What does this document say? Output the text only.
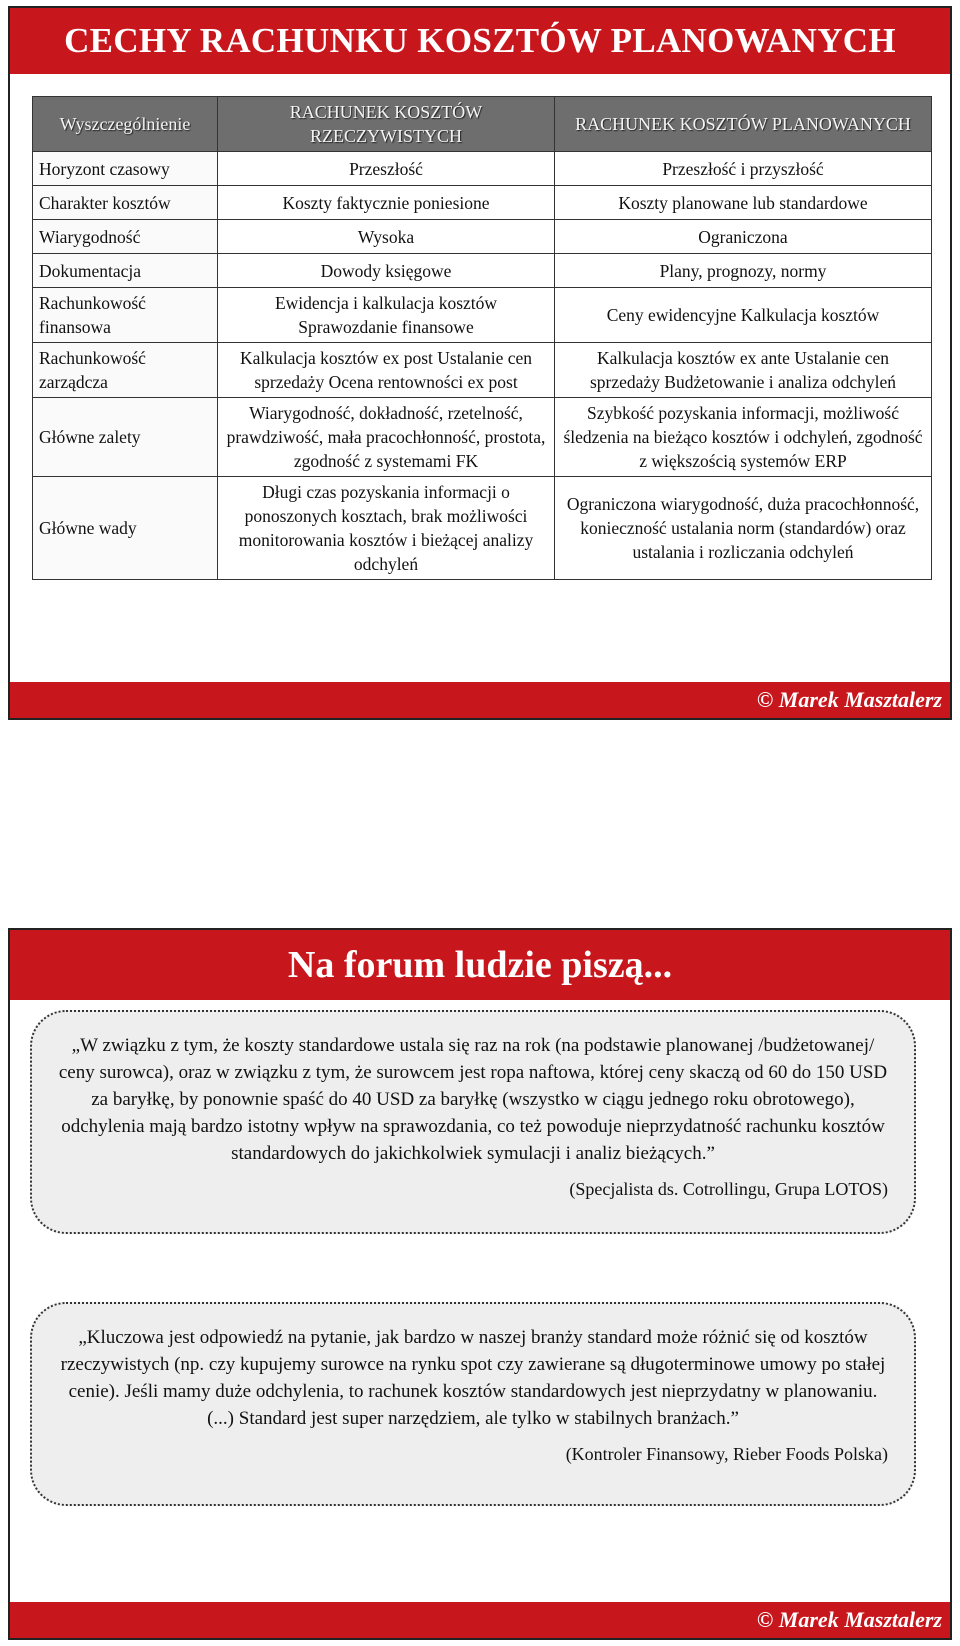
CECHY RACHUNKU KOSZTÓW PLANOWANYCH
Wyszczególnienie	RACHUNEK KOSZTÓW RZECZYWISTYCH	RACHUNEK KOSZTÓW PLANOWANYCH
Horyzont czasowy	Przeszłość	Przeszłość i przyszłość
Charakter kosztów	Koszty faktycznie poniesione	Koszty planowane lub standardowe
Wiarygodność	Wysoka	Ograniczona
Dokumentacja	Dowody księgowe	Plany, prognozy, normy
Rachunkowość finansowa	Ewidencja i kalkulacja kosztów Sprawozdanie finansowe	Ceny ewidencyjne Kalkulacja kosztów
Rachunkowość zarządcza	Kalkulacja kosztów ex post Ustalanie cen sprzedaży Ocena rentowności ex post	Kalkulacja kosztów ex ante Ustalanie cen sprzedaży Budżetowanie i analiza odchyleń
Główne zalety	Wiarygodność, dokładność, rzetelność, prawdziwość, mała pracochłonność, prostota, zgodność z systemami FK	Szybkość pozyskania informacji, możliwość śledzenia na bieżąco kosztów i odchyleń, zgodność z większością systemów ERP
Główne wady	Długi czas pozyskania informacji o ponoszonych kosztach, brak możliwości monitorowania kosztów i bieżącej analizy odchyleń	Ograniczona wiarygodność, duża pracochłonność, konieczność ustalania norm (standardów) oraz ustalania i rozliczania odchyleń
© Marek Masztalerz
Na forum ludzie piszą...
© Marek Masztalerz
„W związku z tym, że koszty standardowe ustala się raz na rok (na podstawie planowanej /budżetowanej/ ceny surowca), oraz w związku z tym, że surowcem jest ropa naftowa, której ceny skaczą od 60 do 150 USD za baryłkę, by ponownie spaść do 40 USD za baryłkę (wszystko w ciągu jednego roku obrotowego), odchylenia mają bardzo istotny wpływ na sprawozdania, co też powoduje nieprzydatność rachunku kosztów standardowych do jakichkolwiek symulacji i analiz bieżących.”
(Specjalista ds. Cotrollingu, Grupa LOTOS)
„Kluczowa jest odpowiedź na pytanie, jak bardzo w naszej branży standard może różnić się od kosztów rzeczywistych (np. czy kupujemy surowce na rynku spot czy zawierane są długoterminowe umowy po stałej cenie). Jeśli mamy duże odchylenia, to rachunek kosztów standardowych jest nieprzydatny w planowaniu. (...) Standard jest super narzędziem, ale tylko w stabilnych branżach.”
(Kontroler Finansowy, Rieber Foods Polska)
